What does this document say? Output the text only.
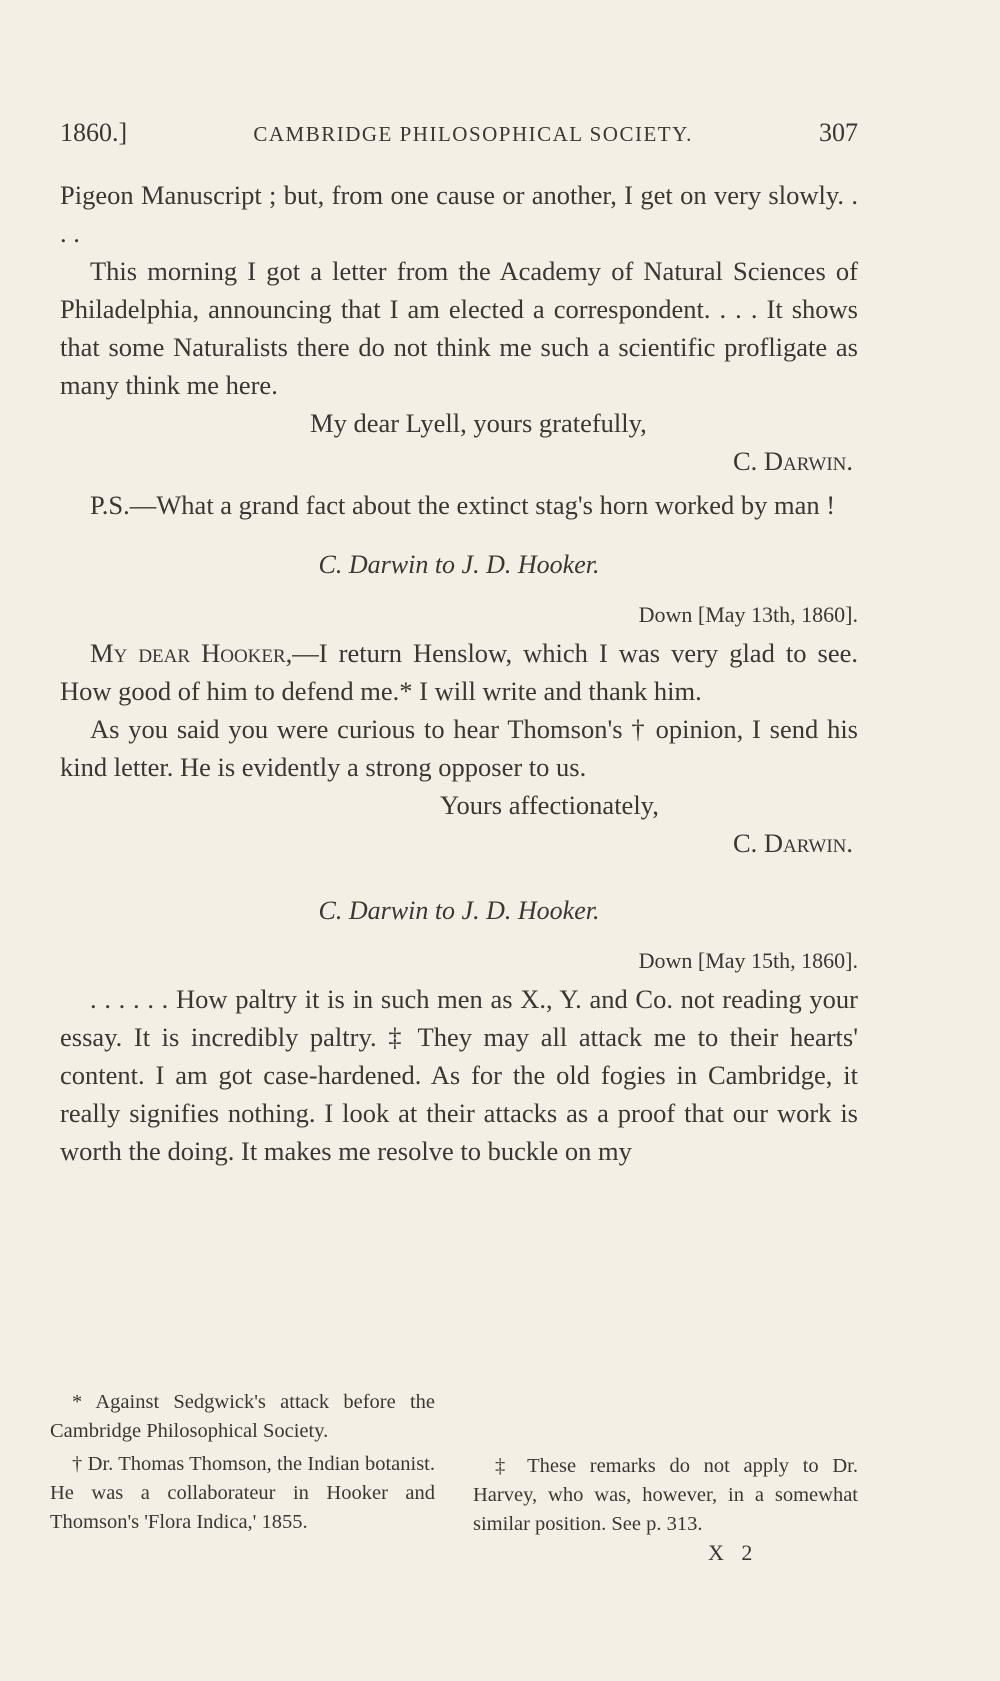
1860.]	CAMBRIDGE PHILOSOPHICAL SOCIETY.	307

Pigeon Manuscript ; but, from one cause or another, I get on very slowly. . . .

This morning I got a letter from the Academy of Natural Sciences of Philadelphia, announcing that I am elected a correspondent. . . . It shows that some Naturalists there do not think me such a scientific profligate as many think me here.

My dear Lyell, yours gratefully,

C. Darwin.

P.S.—What a grand fact about the extinct stag's horn worked by man !

C. Darwin to J. D. Hooker.

Down [May 13th, 1860].

My dear Hooker,—I return Henslow, which I was very glad to see. How good of him to defend me.* I will write and thank him.

As you said you were curious to hear Thomson's † opinion, I send his kind letter. He is evidently a strong opposer to us.

Yours affectionately,

C. Darwin.

C. Darwin to J. D. Hooker.

Down [May 15th, 1860].

. . . . . . How paltry it is in such men as X., Y. and Co. not reading your essay. It is incredibly paltry. ‡ They may all attack me to their hearts' content. I am got case-hardened. As for the old fogies in Cambridge, it really signifies nothing. I look at their attacks as a proof that our work is worth the doing. It makes me resolve to buckle on my

* Against Sedgwick's attack before the Cambridge Philosophical Society.

† Dr. Thomas Thomson, the Indian botanist. He was a collaborateur in Hooker and Thomson's 'Flora Indica,' 1855.

‡ These remarks do not apply to Dr. Harvey, who was, however, in a somewhat similar position. See p. 313.

X 2
